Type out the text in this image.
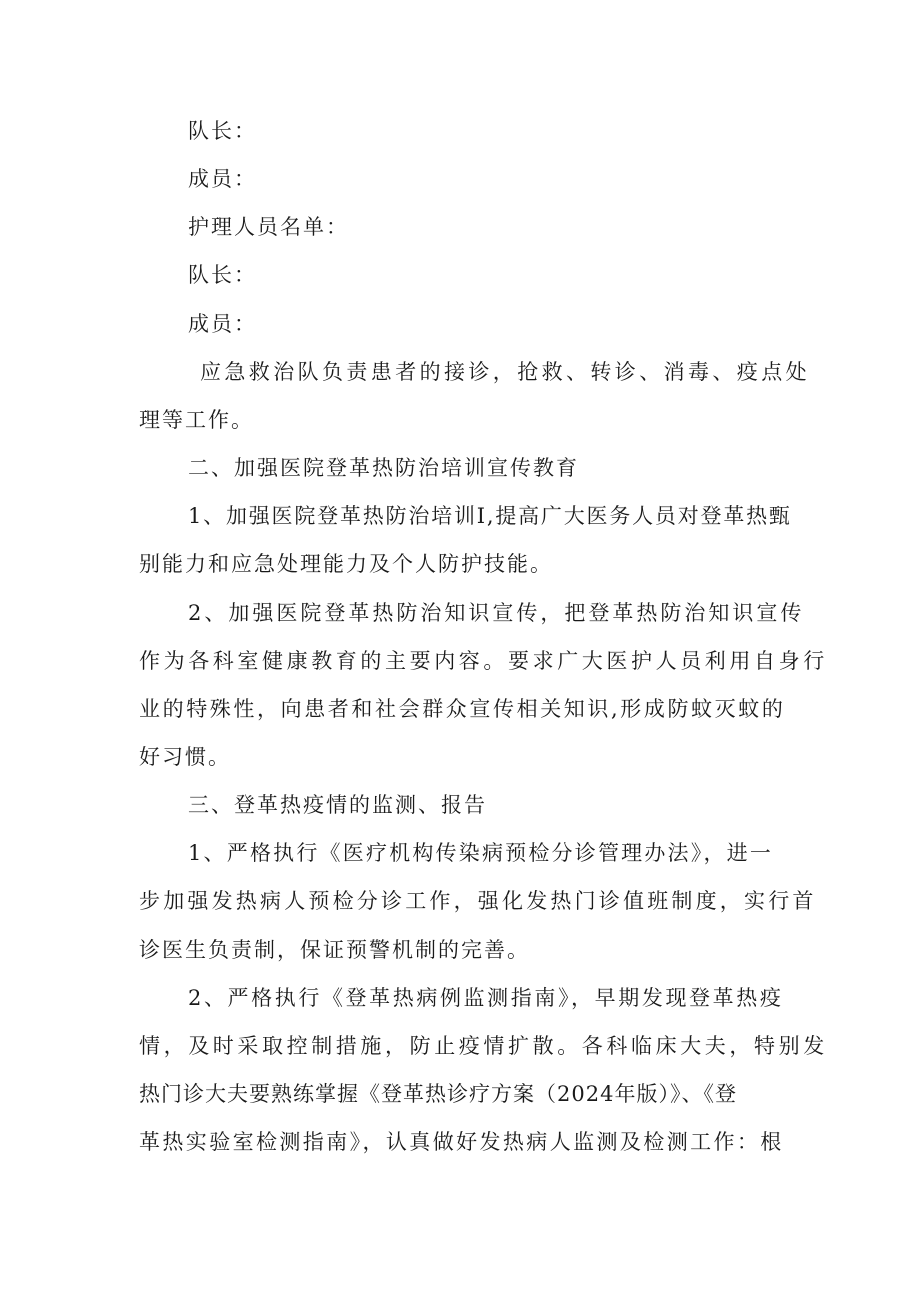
队长：
成员：
护理人员名单：
队长：
成员：
应急救治队负责患者的接诊，抢救、转诊、消毒、疫点处
理等工作。
二、加强医院登革热防治培训宣传教育
1、加强医院登革热防治培训I,提高广大医务人员对登革热甄
别能力和应急处理能力及个人防护技能。
2、加强医院登革热防治知识宣传，把登革热防治知识宣传
作为各科室健康教育的主要内容。要求广大医护人员利用自身行
业的特殊性，向患者和社会群众宣传相关知识,形成防蚊灭蚊的
好习惯。
三、登革热疫情的监测、报告
1、严格执行《医疗机构传染病预检分诊管理办法》，进一
步加强发热病人预检分诊工作，强化发热门诊值班制度，实行首
诊医生负责制，保证预警机制的完善。
2、严格执行《登革热病例监测指南》，早期发现登革热疫
情，及时采取控制措施，防止疫情扩散。各科临床大夫，特别发
热门诊大夫要熟练掌握《登革热诊疗方案（2024年版）》、《登
革热实验室检测指南》，认真做好发热病人监测及检测工作：根
